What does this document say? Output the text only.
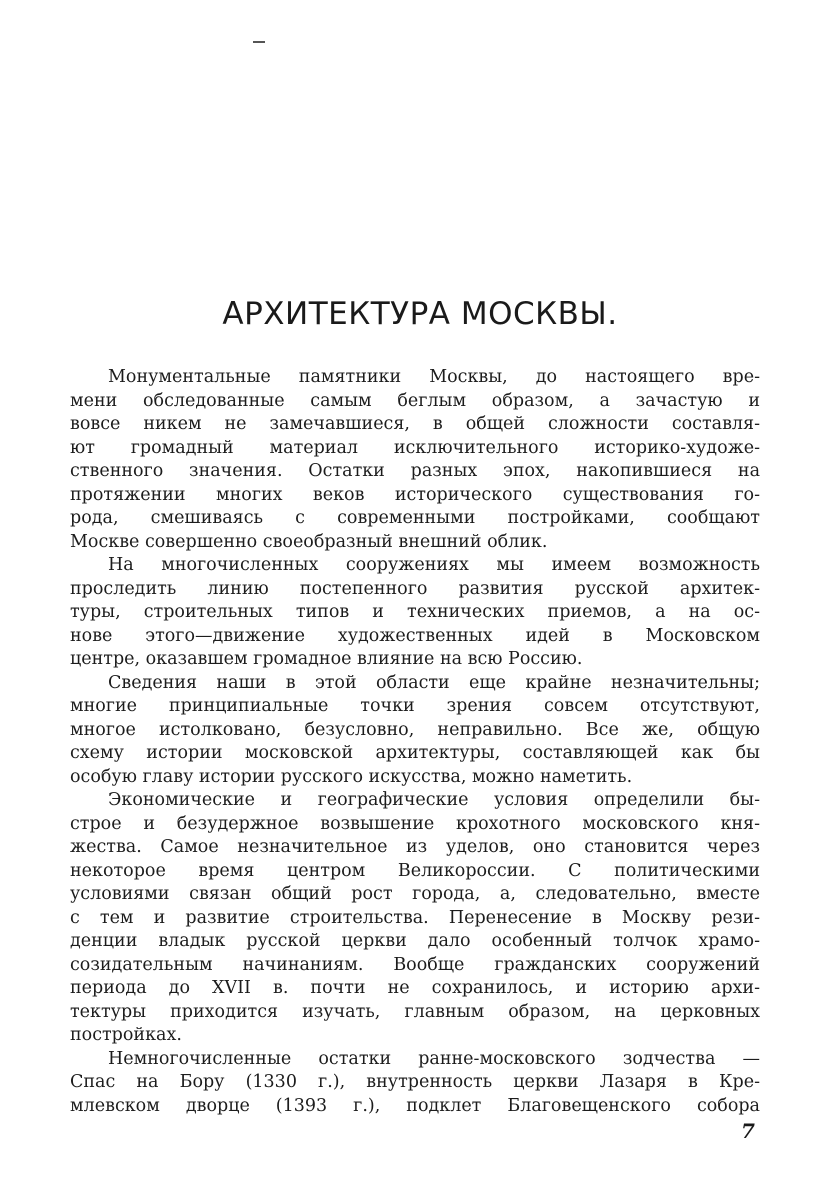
АРХИТЕКТУРА МОСКВЫ.
Монументальные памятники Москвы, до настоящего вре-
мени обследованные самым беглым образом, а зачастую и
вовсе никем не замечавшиеся, в общей сложности составля-
ют громадный материал исключительного историко-художе-
ственного значения. Остатки разных эпох, накопившиеся на
протяжении многих веков исторического существования го-
рода, смешиваясь с современными постройками, сообщают
Москве совершенно своеобразный внешний облик.
На многочисленных сооружениях мы имеем возможность
проследить линию постепенного развития русской архитек-
туры, строительных типов и технических приемов, а на ос-
нове этого—движение художественных идей в Московском
центре, оказавшем громадное влияние на всю Россию.
Сведения наши в этой области еще крайне незначительны;
многие принципиальные точки зрения совсем отсутствуют,
многое истолковано, безусловно, неправильно. Все же, общую
схему истории московской архитектуры, составляющей как бы
особую главу истории русского искусства, можно наметить.
Экономические и географические условия определили бы-
строе и безудержное возвышение крохотного московского кня-
жества. Самое незначительное из уделов, оно становится через
некоторое время центром Великороссии. С политическими
условиями связан общий рост города, а, следовательно, вместе
с тем и развитие строительства. Перенесение в Москву рези-
денции владык русской церкви дало особенный толчок храмо-
созидательным начинаниям. Вообще гражданских сооружений
периода до XVII в. почти не сохранилось, и историю архи-
тектуры приходится изучать, главным образом, на церковных
постройках.
Немногочисленные остатки ранне-московского зодчества —
Спас на Бору (1330 г.), внутренность церкви Лазаря в Кре-
млевском дворце (1393 г.), подклет Благовещенского собора
7
